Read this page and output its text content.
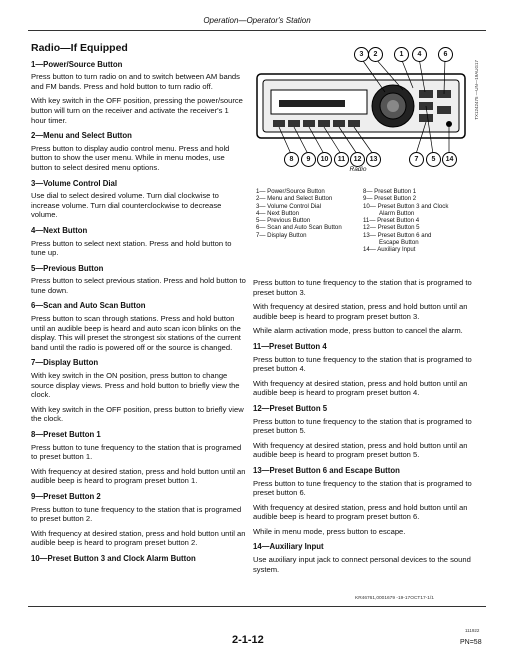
Operation—Operator's Station
Radio—If Equipped
1—Power/Source Button

Press button to turn radio on and to switch between AM bands and FM bands. Press and hold button to turn radio off.

With key switch in the OFF position, pressing the power/source button will turn on the receiver and activate the receiver's 1 hour timer.

2—Menu and Select Button

Press button to display audio control menu. Press and hold button to show the user menu. While in menu modes, use button to select desired menu options.

3—Volume Control Dial

Use dial to select desired volume. Turn dial clockwise to increase volume. Turn dial counterclockwise to decrease volume.

4—Next Button

Press button to select next station. Press and hold button to tune up.

5—Previous Button

Press button to select previous station. Press and hold button to tune down.

6—Scan and Auto Scan Button

Press button to scan through stations. Press and hold button until an audible beep is heard and auto scan icon blinks on the display. This will preset the strongest six stations of the current band until the radio is powered off or the source is changed.

7—Display Button

With key switch in the ON position, press button to change source display views. Press and hold button to briefly view the clock.

With key switch in the OFF position, press button to briefly view the clock.

8—Preset Button 1

Press button to tune frequency to the station that is programed to preset button 1.

With frequency at desired station, press and hold button until an audible beep is heard to program preset button 1.

9—Preset Button 2

Press button to tune frequency to the station that is programed to preset button 2.

With frequency at desired station, press and hold button until an audible beep is heard to program preset button 2.

10—Preset Button 3 and Clock Alarm Button
3	2	1	4	6
8	9	10	11	12	13	7	5	14
Radio
TX1242475 —UN—19AUG17
1— Power/Source Button
2— Menu and Select Button
3— Volume Control Dial
4— Next Button
5— Previous Button
6— Scan and Auto Scan Button
7— Display Button
8— Preset Button 1
9— Preset Button 2
10— Preset Button 3 and Clock
Alarm Button
11— Preset Button 4
12— Preset Button 5
13— Preset Button 6 and
Escape Button
14— Auxiliary Input

Press button to tune frequency to the station that is programed to preset button 3.

With frequency at desired station, press and hold button until an audible beep is heard to program preset button 3.

While alarm activation mode, press button to cancel the alarm.

11—Preset Button 4

Press button to tune frequency to the station that is programed to preset button 4.

With frequency at desired station, press and hold button until an audible beep is heard to program preset button 4.

12—Preset Button 5

Press button to tune frequency to the station that is programed to preset button 5.

With frequency at desired station, press and hold button until an audible beep is heard to program preset button 5.

13—Preset Button 6 and Escape Button

Press button to tune frequency to the station that is programed to preset button 6.

With frequency at desired station, press and hold button until an audible beep is heard to program preset button 6.

While in menu mode, press button to escape.

14—Auxiliary Input

Use auxiliary input jack to connect personal devices to the sound system.

KR46761,0001679 -19-17OCT17-1/1
2-1-12
111922
PN=58
